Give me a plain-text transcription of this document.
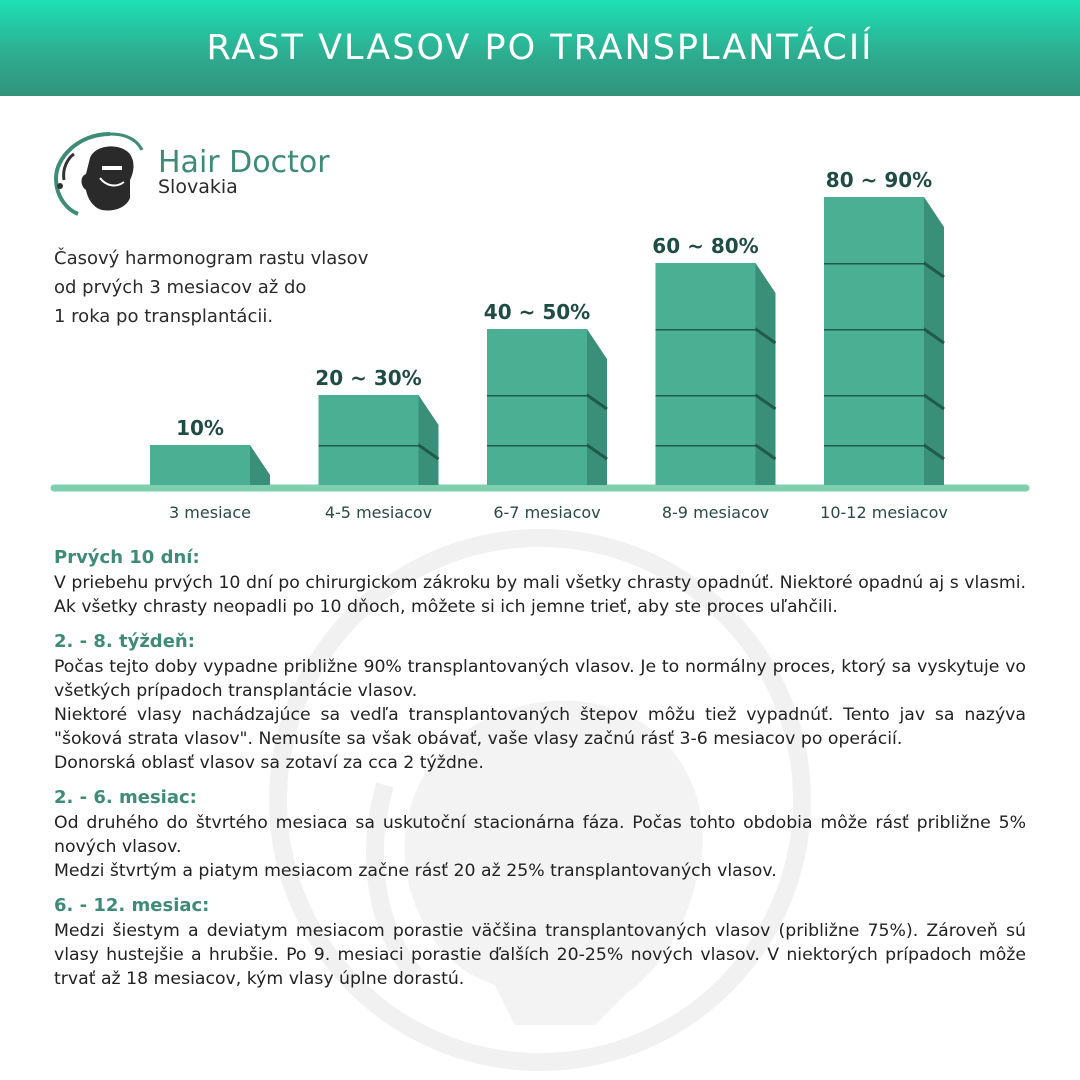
RAST VLASOV PO TRANSPLANTÁCIÍ
Hair Doctor
Slovakia
Časový harmonogram rastu vlasov
od prvých 3 mesiacov až do
1 roka po transplantácii.
10%
3 mesiace
20 ~ 30%
4-5 mesiacov
40 ~ 50%
6-7 mesiacov
60 ~ 80%
8-9 mesiacov
80 ~ 90%
10-12 mesiacov
Prvých 10 dní:

V priebehu prvých 10 dní po chirurgickom zákroku by mali všetky chrasty opadnúť. Niektoré opadnú aj s vlasmi. Ak všetky chrasty neopadli po 10 dňoch, môžete si ich jemne trieť, aby ste proces uľahčili.

2. - 8. týždeň:

Počas tejto doby vypadne približne 90% transplantovaných vlasov. Je to normálny proces, ktorý sa vyskytuje vo všetkých prípadoch transplantácie vlasov.

Niektoré vlasy nachádzajúce sa vedľa transplantovaných štepov môžu tiež vypadnúť. Tento jav sa nazýva "šoková strata vlasov". Nemusíte sa však obávať, vaše vlasy začnú rásť 3-6 mesiacov po operácií.

Donorská oblasť vlasov sa zotaví za cca 2 týždne.

2. - 6. mesiac:

Od druhého do štvrtého mesiaca sa uskutoční stacionárna fáza. Počas tohto obdobia môže rásť približne 5% nových vlasov.

Medzi štvrtým a piatym mesiacom začne rásť 20 až 25% transplantovaných vlasov.

6. - 12. mesiac:

Medzi šiestym a deviatym mesiacom porastie väčšina transplantovaných vlasov (približne 75%). Zároveň sú vlasy hustejšie a hrubšie. Po 9. mesiaci porastie ďalších 20-25% nových vlasov. V niektorých prípadoch môže trvať až 18 mesiacov, kým vlasy úplne dorastú.
